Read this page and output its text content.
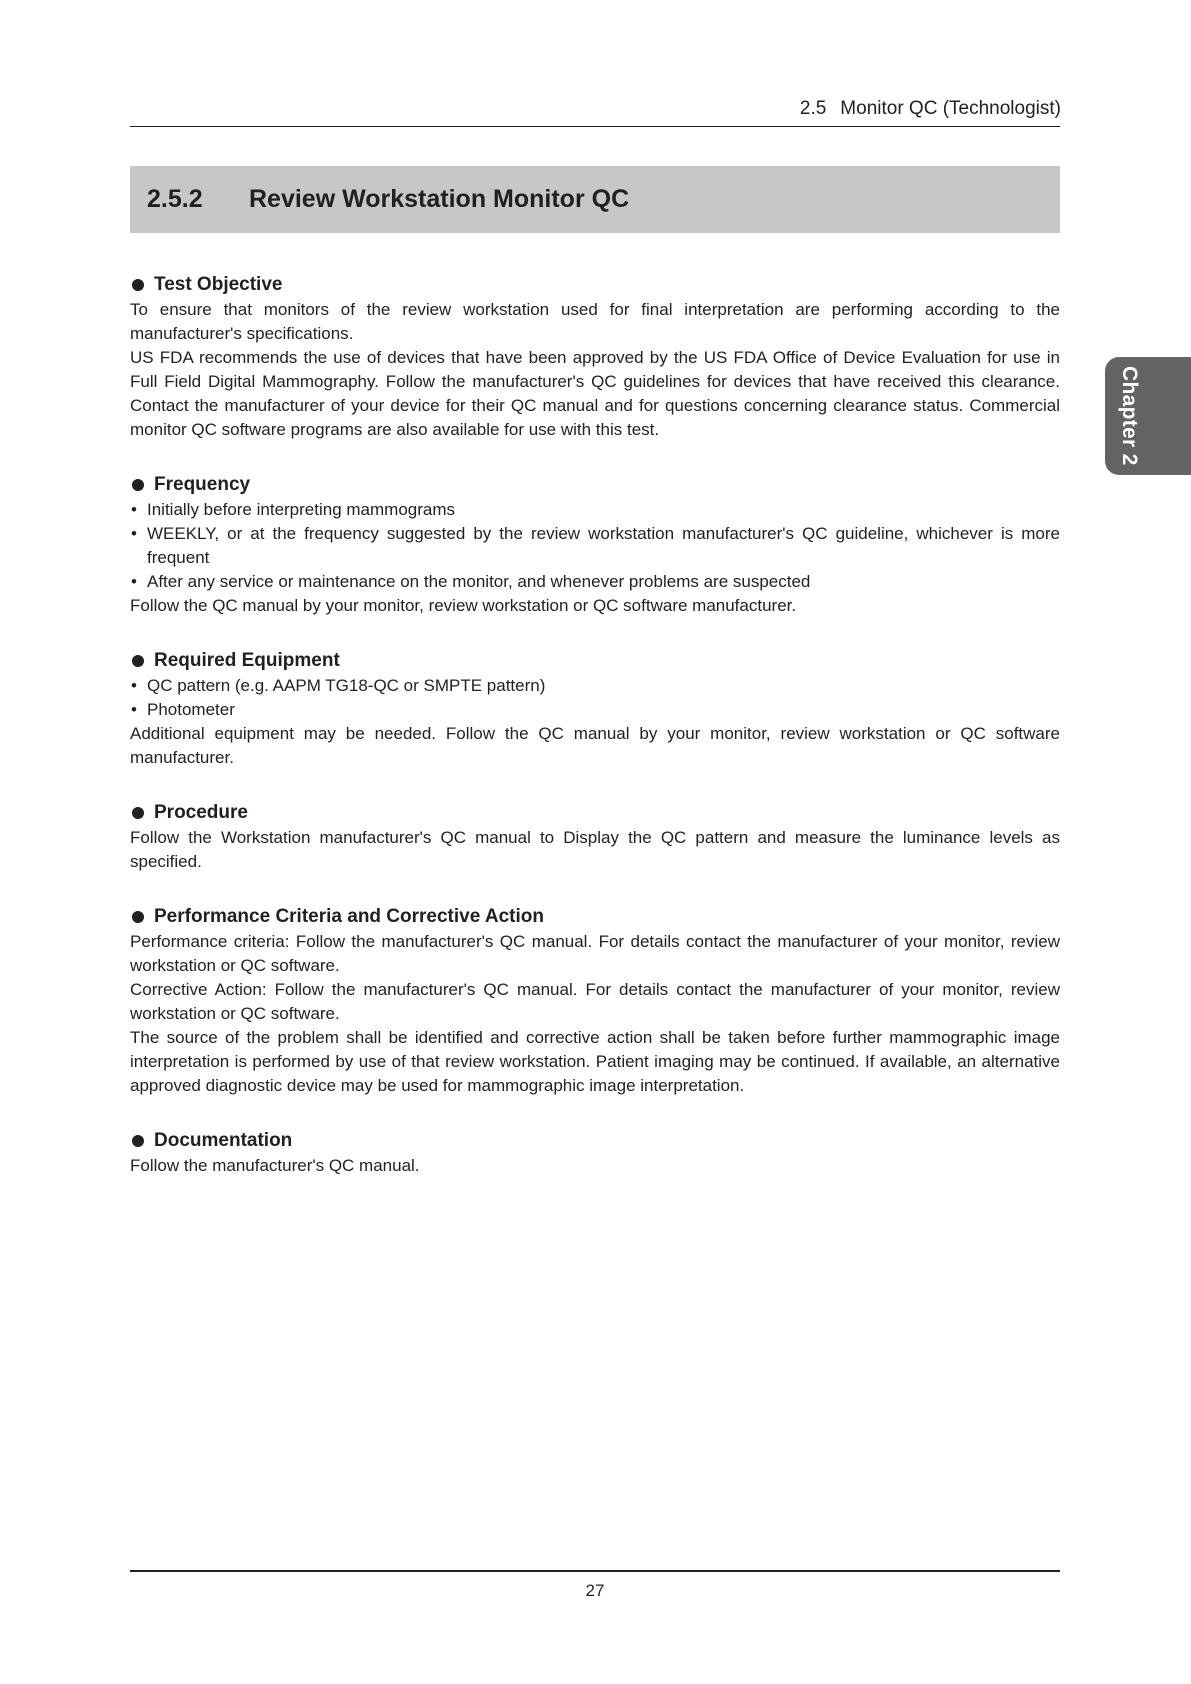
2.5 Monitor QC (Technologist)
2.5.2	Review Workstation Monitor QC
Chapter 2
Test Objective

To ensure that monitors of the review workstation used for final interpretation are performing according to the manufacturer's specifications.

US FDA recommends the use of devices that have been approved by the US FDA Office of Device Evaluation for use in Full Field Digital Mammography. Follow the manufacturer's QC guidelines for devices that have received this clearance. Contact the manufacturer of your device for their QC manual and for questions concerning clearance status. Commercial monitor QC software programs are also available for use with this test.

Frequency
• Initially before interpreting mammograms
• WEEKLY, or at the frequency suggested by the review workstation manufacturer's QC guideline, whichever is more frequent
• After any service or maintenance on the monitor, and whenever problems are suspected

Follow the QC manual by your monitor, review workstation or QC software manufacturer.

Required Equipment
• QC pattern (e.g. AAPM TG18-QC or SMPTE pattern)
• Photometer

Additional equipment may be needed. Follow the QC manual by your monitor, review workstation or QC software manufacturer.

Procedure

Follow the Workstation manufacturer's QC manual to Display the QC pattern and measure the luminance levels as specified.

Performance Criteria and Corrective Action

Performance criteria: Follow the manufacturer's QC manual. For details contact the manufacturer of your monitor, review workstation or QC software.

Corrective Action: Follow the manufacturer's QC manual. For details contact the manufacturer of your monitor, review workstation or QC software.

The source of the problem shall be identified and corrective action shall be taken before further mammographic image interpretation is performed by use of that review workstation. Patient imaging may be continued. If available, an alternative approved diagnostic device may be used for mammographic image interpretation.

Documentation

Follow the manufacturer's QC manual.

27
